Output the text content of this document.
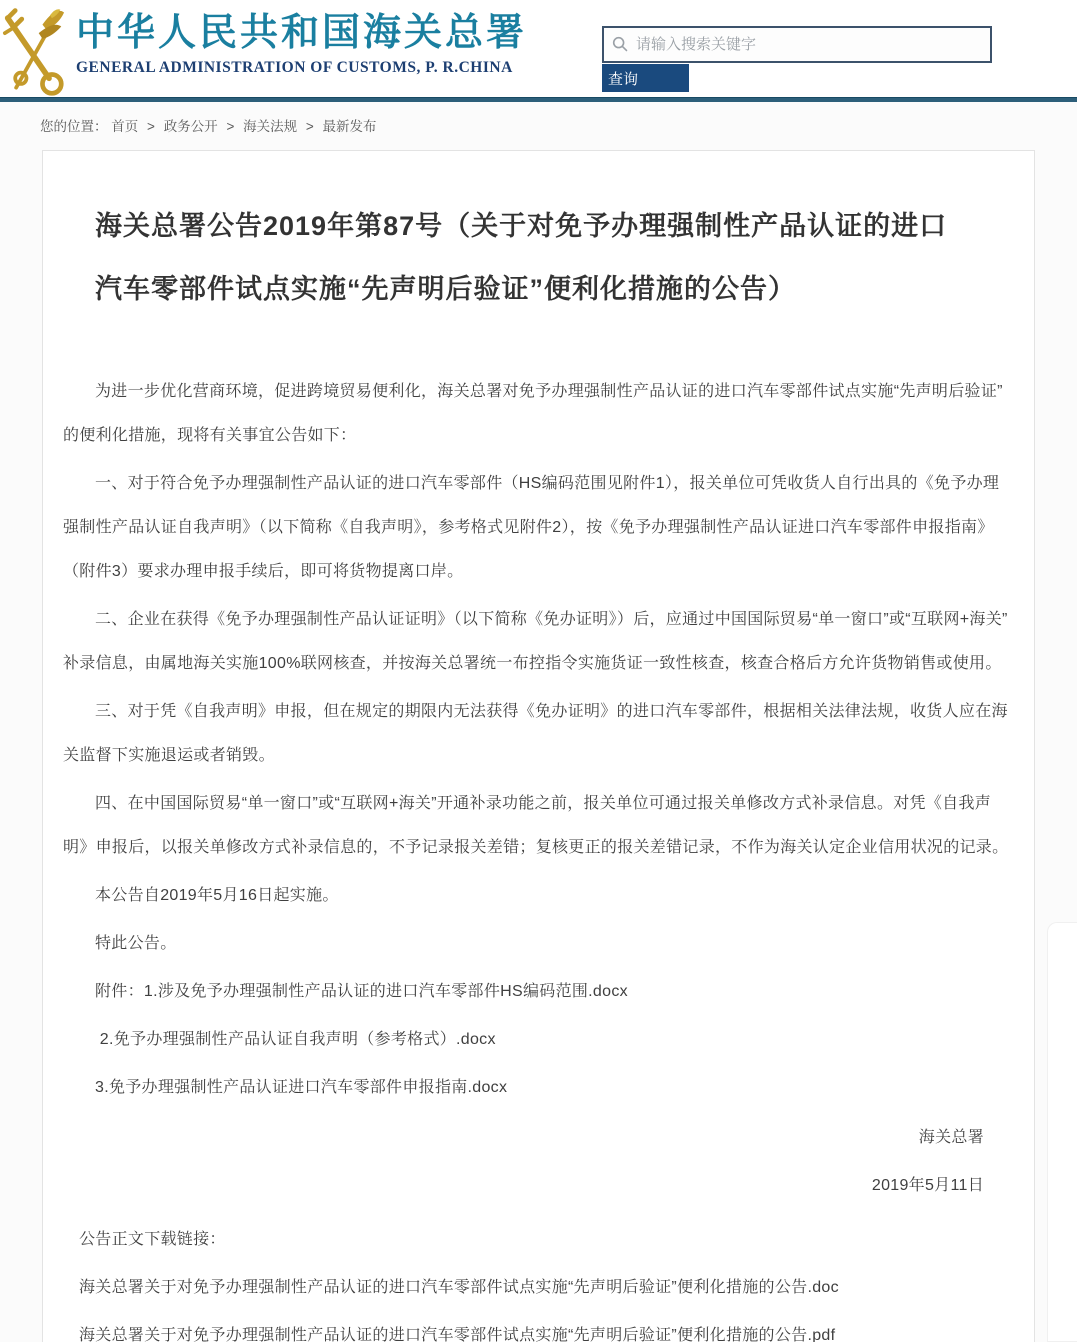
中华人民共和国海关总署
GENERAL ADMINISTRATION OF CUSTOMS, P. R.CHINA
请输入搜索关键字
查询
您的位置： 首页 > 政务公开 > 海关法规 > 最新发布
海关总署公告2019年第87号（关于对免予办理强制性产品认证的进口汽车零部件试点实施“先声明后验证”便利化措施的公告）

为进一步优化营商环境，促进跨境贸易便利化，海关总署对免予办理强制性产品认证的进口汽车零部件试点实施“先声明后验证”的便利化措施，现将有关事宜公告如下：

一、对于符合免予办理强制性产品认证的进口汽车零部件（HS编码范围见附件1），报关单位可凭收货人自行出具的《免予办理强制性产品认证自我声明》（以下简称《自我声明》，参考格式见附件2），按《免予办理强制性产品认证进口汽车零部件申报指南》（附件3）要求办理申报手续后，即可将货物提离口岸。

二、企业在获得《免予办理强制性产品认证证明》（以下简称《免办证明》）后，应通过中国国际贸易“单一窗口”或“互联网+海关”补录信息，由属地海关实施100%联网核查，并按海关总署统一布控指令实施货证一致性核查，核查合格后方允许货物销售或使用。

三、对于凭《自我声明》申报，但在规定的期限内无法获得《免办证明》的进口汽车零部件，根据相关法律法规，收货人应在海关监督下实施退运或者销毁。

四、在中国国际贸易“单一窗口”或“互联网+海关”开通补录功能之前，报关单位可通过报关单修改方式补录信息。对凭《自我声明》申报后，以报关单修改方式补录信息的，不予记录报关差错；复核更正的报关差错记录，不作为海关认定企业信用状况的记录。

本公告自2019年5月16日起实施。

特此公告。

附件：1.涉及免予办理强制性产品认证的进口汽车零部件HS编码范围.docx

2.免予办理强制性产品认证自我声明（参考格式）.docx

3.免予办理强制性产品认证进口汽车零部件申报指南.docx

海关总署

2019年5月11日

公告正文下载链接：

海关总署关于对免予办理强制性产品认证的进口汽车零部件试点实施“先声明后验证”便利化措施的公告.doc

海关总署关于对免予办理强制性产品认证的进口汽车零部件试点实施“先声明后验证”便利化措施的公告.pdf
